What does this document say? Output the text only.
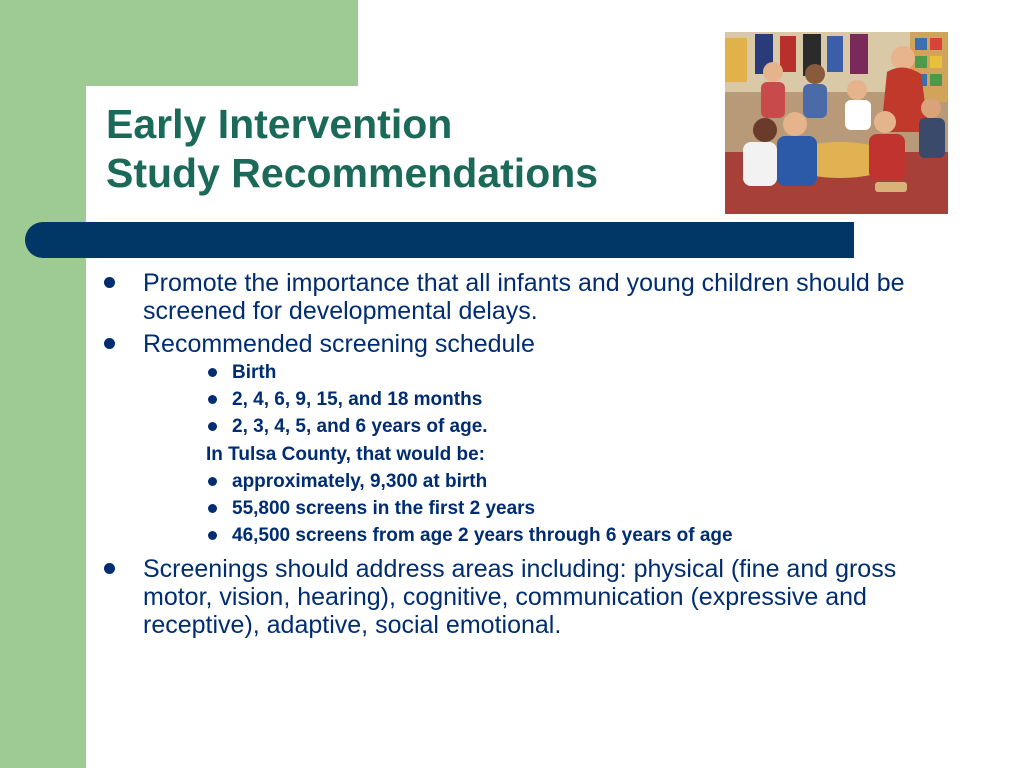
Early Intervention
Study Recommendations
Promote the importance that all infants and young children should be screened for developmental delays.
Recommended screening schedule
Birth
2, 4, 6, 9, 15, and 18 months
2, 3, 4, 5, and 6 years of age.
In Tulsa County, that would be:
approximately, 9,300 at birth
55,800 screens in the first 2 years
46,500 screens from age 2 years through 6 years of age
Screenings should address areas including: physical (fine and gross motor, vision, hearing), cognitive, communication (expressive and receptive), adaptive, social emotional.
